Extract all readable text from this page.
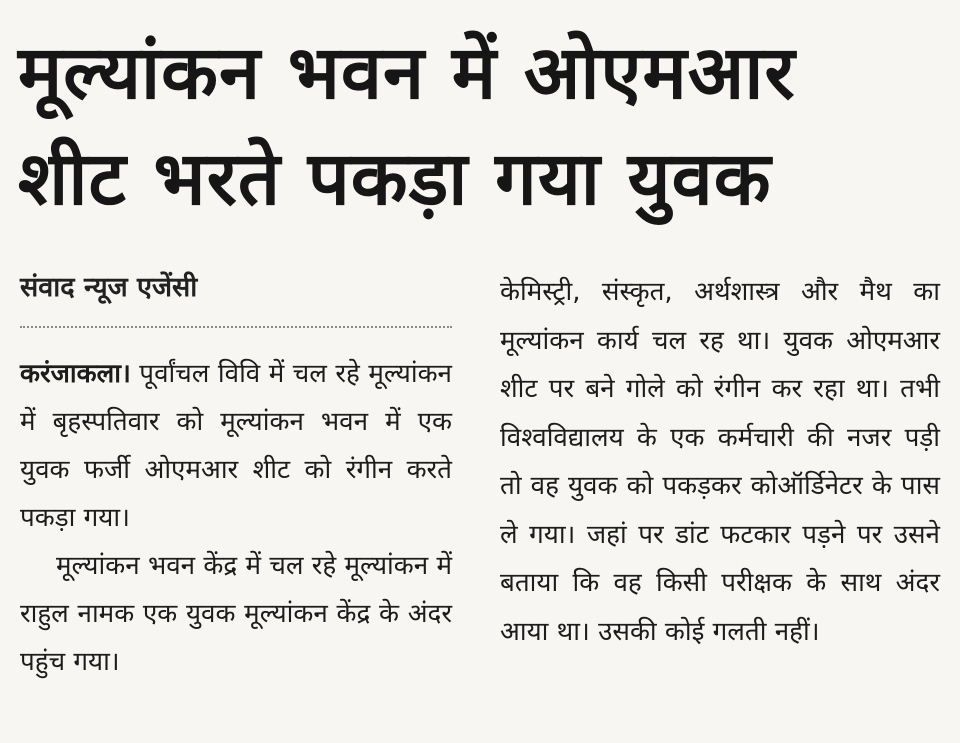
मूल्यांकन भवन में ओएमआर
शीट भरते पकड़ा गया युवक
संवाद न्यूज एजेंसी

करंजाकला। पूर्वांचल विवि में चल रहे मूल्यांकन में बृहस्पतिवार को मूल्यांकन भवन में एक युवक फर्जी ओएमआर शीट को रंगीन करते पकड़ा गया।

मूल्यांकन भवन केंद्र में चल रहे मूल्यांकन में राहुल नामक एक युवक मूल्यांकन केंद्र के अंदर पहुंच गया।

केमिस्ट्री, संस्कृत, अर्थशास्त्र और मैथ का मूल्यांकन कार्य चल रह था। युवक ओएमआर शीट पर बने गोले को रंगीन कर रहा था। तभी विश्वविद्यालय के एक कर्मचारी की नजर पड़ी तो वह युवक को पकड़कर कोऑर्डिनेटर के पास ले गया। जहां पर डांट फटकार पड़ने पर उसने बताया कि वह किसी परीक्षक के साथ अंदर आया था। उसकी कोई गलती नहीं।
